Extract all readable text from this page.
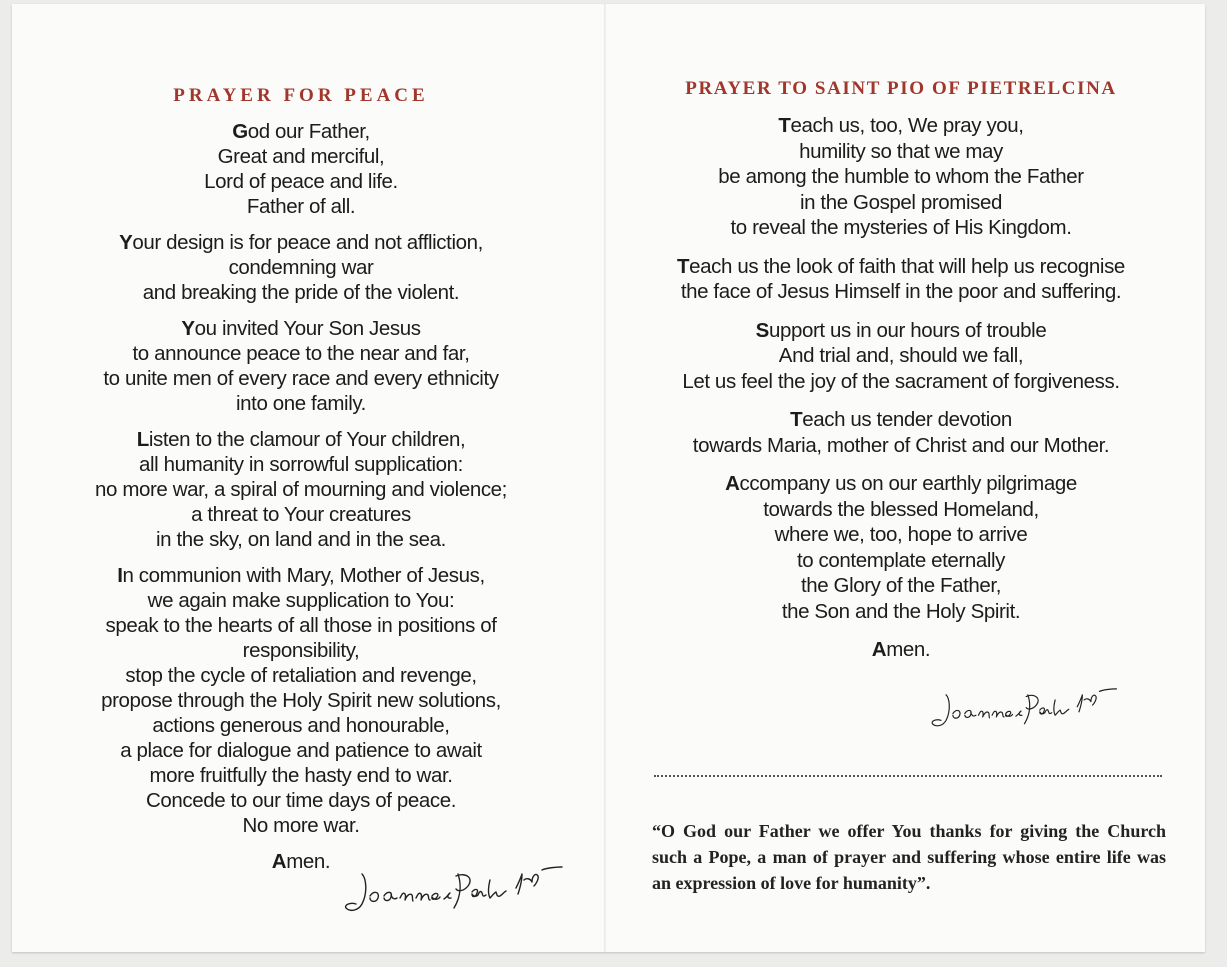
PRAYER FOR PEACE

God our Father,
Great and merciful,
Lord of peace and life.
Father of all.

Your design is for peace and not affliction,
condemning war
and breaking the pride of the violent.

You invited Your Son Jesus
to announce peace to the near and far,
to unite men of every race and every ethnicity
into one family.

Listen to the clamour of Your children,
all humanity in sorrowful supplication:
no more war, a spiral of mourning and violence;
a threat to Your creatures
in the sky, on land and in the sea.

In communion with Mary, Mother of Jesus,
we again make supplication to You:
speak to the hearts of all those in positions of
responsibility,
stop the cycle of retaliation and revenge,
propose through the Holy Spirit new solutions,
actions generous and honourable,
a place for dialogue and patience to await
more fruitfully the hasty end to war.
Concede to our time days of peace.
No more war.

Amen.

PRAYER TO SAINT PIO OF PIETRELCINA

Teach us, too, We pray you,
humility so that we may
be among the humble to whom the Father
in the Gospel promised
to reveal the mysteries of His Kingdom.

Teach us the look of faith that will help us recognise
the face of Jesus Himself in the poor and suffering.

Support us in our hours of trouble
And trial and, should we fall,
Let us feel the joy of the sacrament of forgiveness.

Teach us tender devotion
towards Maria, mother of Christ and our Mother.

Accompany us on our earthly pilgrimage
towards the blessed Homeland,
where we, too, hope to arrive
to contemplate eternally
the Glory of the Father,
the Son and the Holy Spirit.

Amen.

“O God our Father we offer You thanks for giving the Church such a Pope, a man of prayer and suffering whose entire life was an expression of love for humanity”.
